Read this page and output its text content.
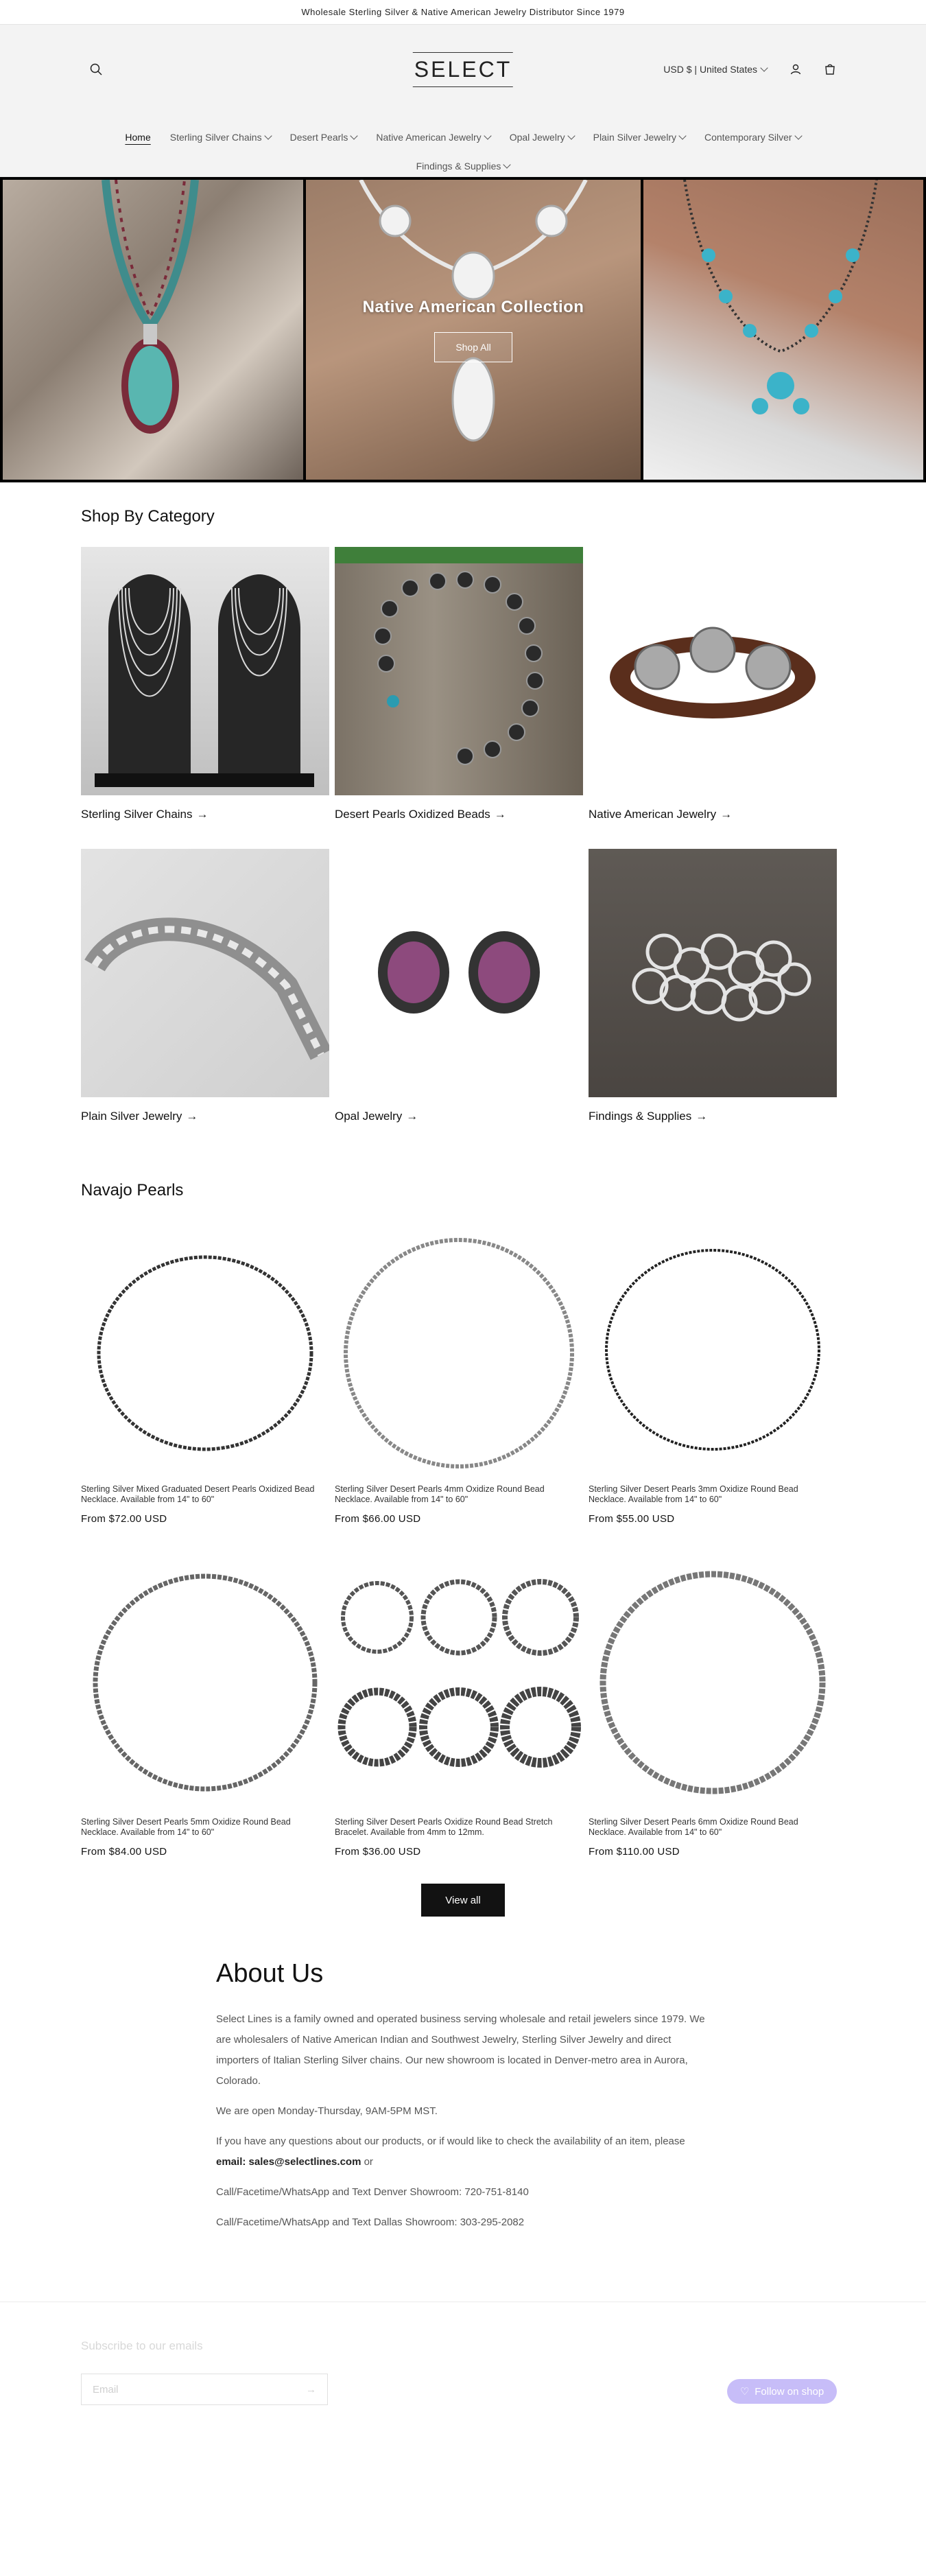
Wholesale Sterling Silver & Native American Jewelry Distributor Since 1979
USD $ | United States
SELECT
Home Sterling Silver Chains	Desert Pearls	Native American Jewelry	Opal Jewelry	Plain Silver Jewelry	Contemporary Silver
Findings & Supplies
Native American Collection
Shop All
Shop By Category
Sterling Silver Chains →	Desert Pearls Oxidized Beads →	Native American Jewelry →
Plain Silver Jewelry →	Opal Jewelry →	Findings & Supplies →
Navajo Pearls
Sterling Silver Mixed Graduated Desert Pearls Oxidized Bead Necklace. Available from 14" to 60"
From $72.00 USD
Sterling Silver Desert Pearls 4mm Oxidize Round Bead Necklace. Available from 14" to 60"
From $66.00 USD
Sterling Silver Desert Pearls 3mm Oxidize Round Bead Necklace. Available from 14" to 60"
From $55.00 USD
Sterling Silver Desert Pearls 5mm Oxidize Round Bead Necklace. Available from 14" to 60"
From $84.00 USD
Sterling Silver Desert Pearls Oxidize Round Bead Stretch Bracelet. Available from 4mm to 12mm.
From $36.00 USD
Sterling Silver Desert Pearls 6mm Oxidize Round Bead Necklace. Available from 14" to 60"
From $110.00 USD
View all
About Us

Select Lines is a family owned and operated business serving wholesale and retail jewelers since 1979. We are wholesalers of Native American Indian and Southwest Jewelry, Sterling Silver Jewelry and direct importers of Italian Sterling Silver chains. Our new showroom is located in Denver-metro area in Aurora, Colorado.

We are open Monday-Thursday, 9AM-5PM MST.

If you have any questions about our products, or if would like to check the availability of an item, please email: sales@selectlines.com or

Call/Facetime/WhatsApp and Text Denver Showroom: 720-751-8140

Call/Facetime/WhatsApp and Text Dallas Showroom: 303-295-2082

Subscribe to our emails
Email	→	♡ Follow on shop
